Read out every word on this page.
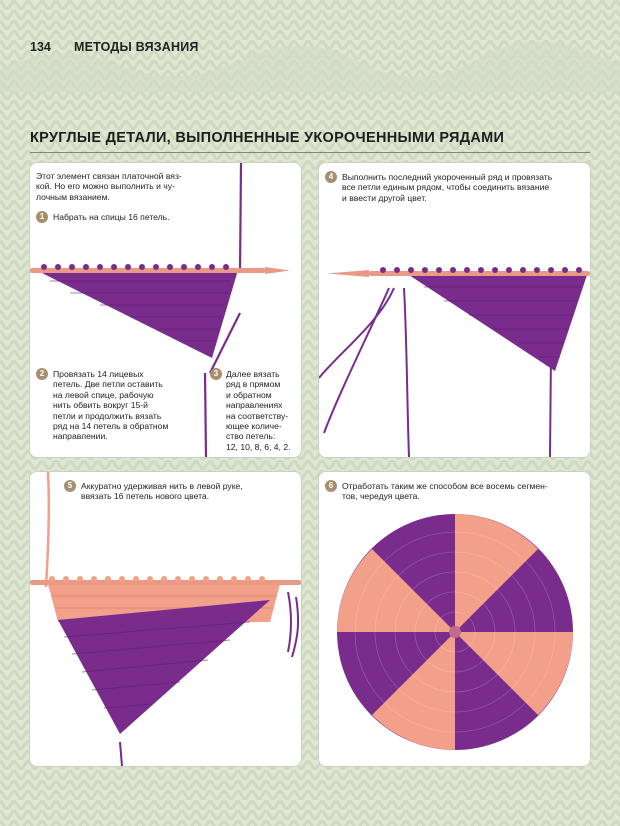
134 МЕТОДЫ ВЯЗАНИЯ
КРУГЛЫЕ ДЕТАЛИ, ВЫПОЛНЕННЫЕ УКОРОЧЕННЫМИ РЯДАМИ
Этот элемент связан платочной вяз-
кой. Но его можно выполнить и чу-
лочным вязанием.
1	Набрать на спицы 16 петель.
2	Провязать 14 лицевых
петель. Две петли оставить
на левой спице, рабочую
нить обвить вокруг 15-й
петли и продолжить вязать
ряд на 14 петель в обратном
направлении.
3 Далее вязать
ряд в прямом
и обратном
направлениях
на соответству-
ющее количе-
ство петель:
12, 10, 8, 6, 4, 2.
4	Выполнить последний укороченный ряд и провязать
все петли единым рядом, чтобы соединить вязание
и ввести другой цвет.
5	Аккуратно удерживая нить в левой руке,
ввязать 16 петель нового цвета.
6	Отработать таким же способом все восемь сегмен-
тов, чередуя цвета.
